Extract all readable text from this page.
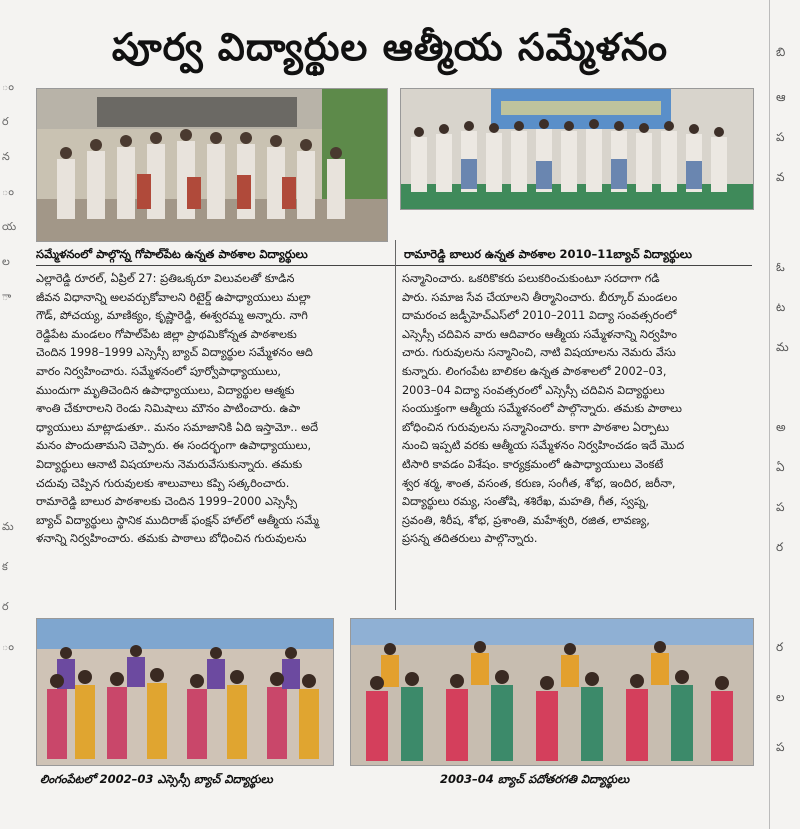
ం
ర
న
ం
య
ల
ా
మ
క
ర
ం
బి
ఆ
ప
వ
ఓ
ట
మ
అ
ఏ
ప
ర
ర
ల
ప
పూర్వ విద్యార్థుల ఆత్మీయ సమ్మేళనం
సమ్మేళనంలో పాల్గొన్న గోపాల్‌పేట ఉన్నత పాఠశాల విద్యార్థులు	రామారెడ్డి బాలుర ఉన్నత పాఠశాల 2010–11బ్యాచ్ విద్యార్థులు

ఎల్లారెడ్డి రూరల్, ఏప్రిల్ 27: ప్రతిఒక్కరూ విలువలతో కూడిన

జీవన విధానాన్ని అలవర్చుకోవాలని రిటైర్డ్ ఉపాధ్యాయులు మల్లా

గౌడ్, పోచయ్య, మాణిక్యం, కృష్ణారెడ్డి, ఈశ్వరమ్మ అన్నారు. నాగి

రెడ్డిపేట మండలం గోపాల్‌పేట జిల్లా ప్రాథమికోన్నత పాఠశాలకు

చెందిన 1998–1999 ఎస్సెస్సీ బ్యాచ్ విద్యార్థుల సమ్మేళనం ఆది

వారం నిర్వహించారు. సమ్మేళనంలో పూర్వోపాధ్యాయులు,

ముందుగా మృతిచెందిన ఉపాధ్యాయులు, విద్యార్థుల ఆత్మకు

శాంతి చేకూరాలని రెండు నిమిషాలు మౌనం పాటించారు. ఉపా

ధ్యాయులు మాట్లాడుతూ.. మనం సమాజానికి ఏది ఇస్తామో.. అదే

మనం పొందుతామని చెప్పారు. ఈ సందర్భంగా ఉపాధ్యాయులు,

విద్యార్థులు ఆనాటి విషయాలను నెమరువేసుకున్నారు. తమకు

చదువు చెప్పిన గురువులకు శాలువాలు కప్పి సత్కరించారు.

రామారెడ్డి బాలుర పాఠశాలకు చెందిన 1999–2000 ఎస్సెస్సీ

బ్యాచ్ విద్యార్థులు స్థానిక ముదిరాజ్ ఫంక్షన్ హాల్‌లో ఆత్మీయ సమ్మే

ళనాన్ని నిర్వహించారు. తమకు పాఠాలు బోధించిన గురువులను

సన్మానించారు. ఒకరికొకరు పలుకరించుకుంటూ సరదాగా గడి

పారు. సమాజ సేవ చేయాలని తీర్మానించారు. బీర్కూర్ మండలం

దామరంచ జడ్పీహెచ్‌ఎస్‌లో 2010–2011 విద్యా సంవత్సరంలో

ఎస్సెస్సీ చదివిన వారు ఆదివారం ఆత్మీయ సమ్మేళనాన్ని నిర్వహిం

చారు. గురువులను సన్మానించి, నాటి విషయాలను నెమరు వేసు

కున్నారు. లింగంపేట బాలికల ఉన్నత పాఠశాలలో 2002–03,

2003–04 విద్యా సంవత్సరంలో ఎస్సెస్సీ చదివిన విద్యార్థులు

సంయుక్తంగా ఆత్మీయ సమ్మేళనంలో పాల్గొన్నారు. తమకు పాఠాలు

బోధించిన గురువులను సన్మానించారు. కాగా పాఠశాల ఏర్పాటు

నుంచి ఇప్పటి వరకు ఆత్మీయ సమ్మేళనం నిర్వహించడం ఇదే మొద

టిసారి కావడం విశేషం. కార్యక్రమంలో ఉపాధ్యాయులు వెంకటే

శ్వర శర్మ, శాంత, వసంత, కరుణ, సంగీత, శోభ, ఇందిర, జరీనా,

విద్యార్థులు రమ్య, సంతోషి, శశిరేఖ, మహతి, గీత, స్వప్న,

స్రవంతి, శిరీష, శోభ, ప్రశాంతి, మహేశ్వరి, రజిత, లావణ్య,

ప్రసన్న తదితరులు పాల్గొన్నారు.

లింగంపేటలో 2002–03 ఎస్సెస్సీ బ్యాచ్ విద్యార్థులు	2003–04 బ్యాచ్ పదోతరగతి విద్యార్థులు
